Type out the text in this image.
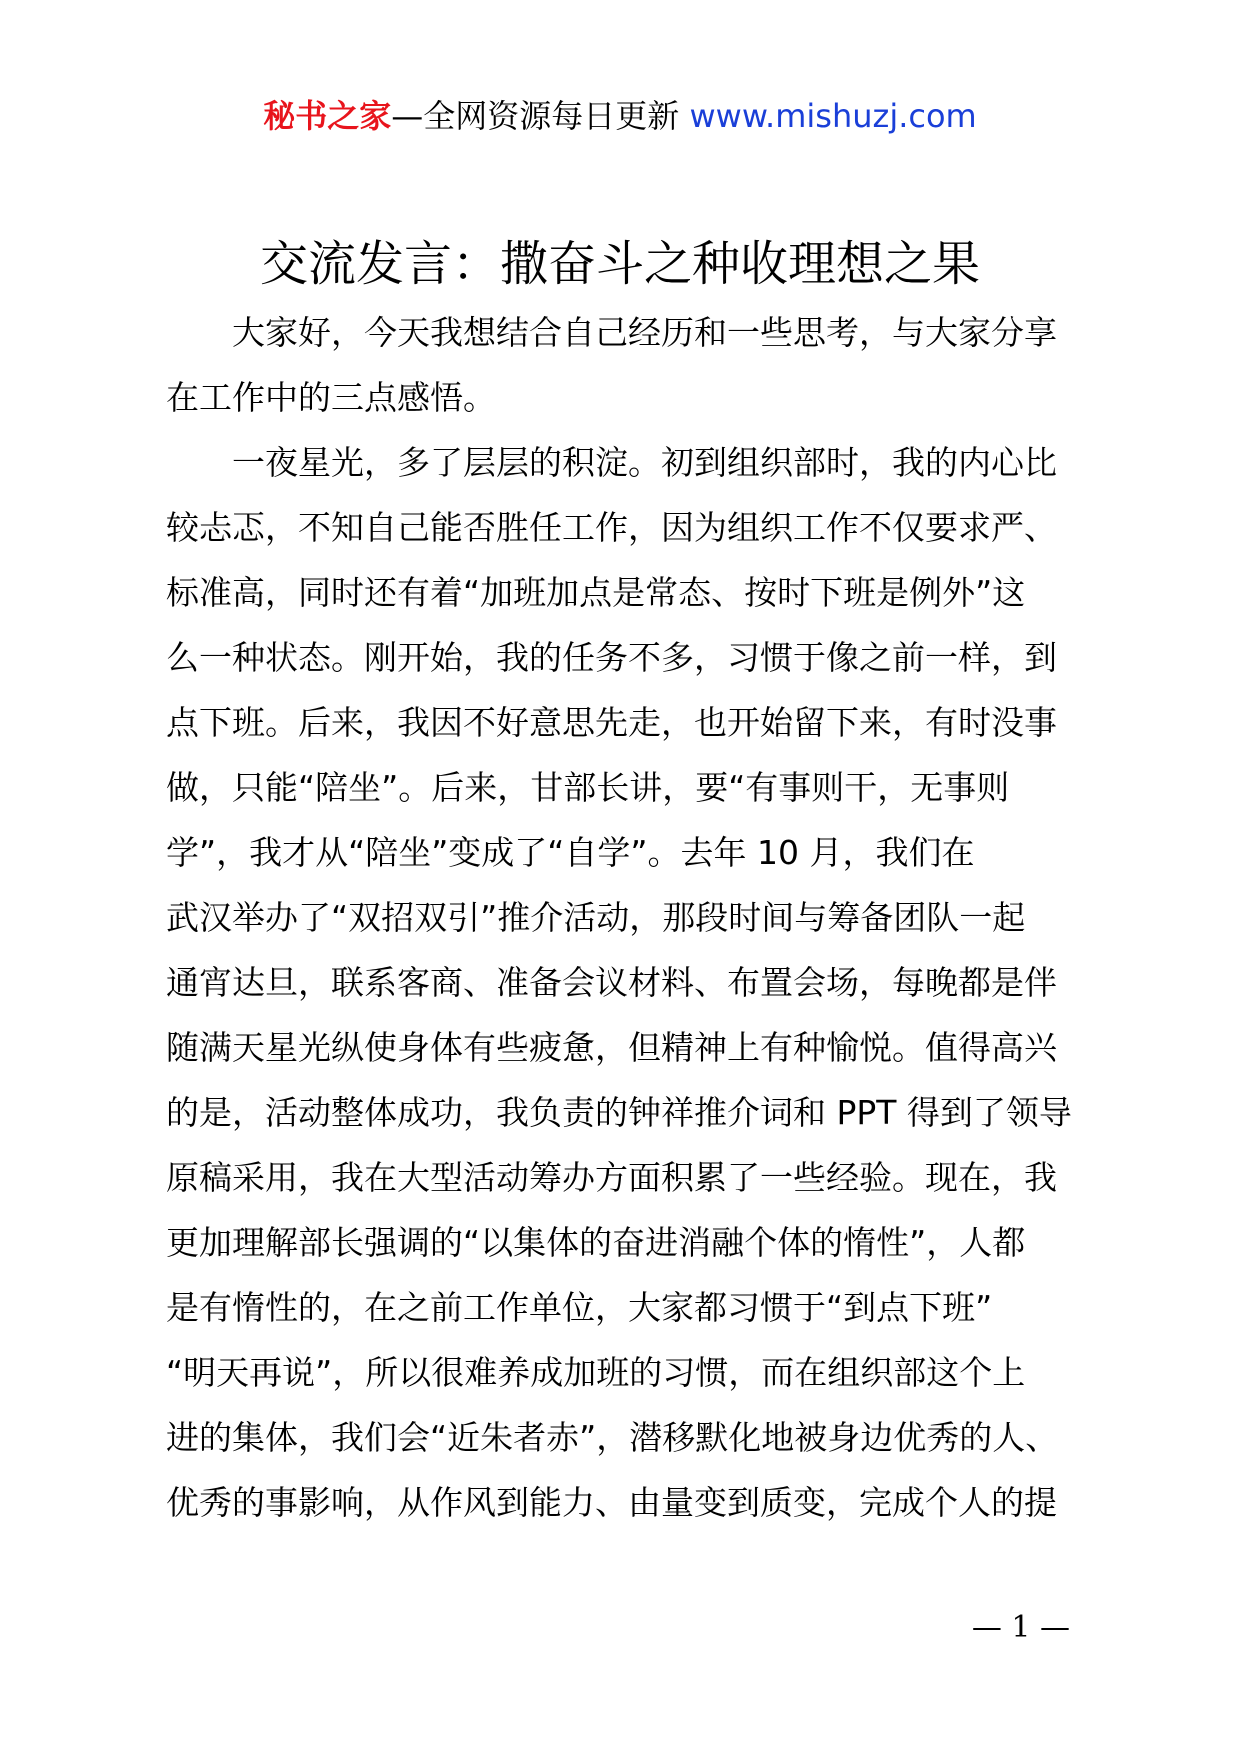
秘书之家—全网资源每日更新 www.mishuzj.com
交流发言：撒奋斗之种收理想之果
大家好，今天我想结合自己经历和一些思考，与大家分享
在工作中的三点感悟。
一夜星光，多了层层的积淀。初到组织部时，我的内心比
较忐忑，不知自己能否胜任工作，因为组织工作不仅要求严、
标准高，同时还有着“加班加点是常态、按时下班是例外”这
么一种状态。刚开始，我的任务不多，习惯于像之前一样，到
点下班。后来，我因不好意思先走，也开始留下来，有时没事
做，只能“陪坐”。后来，甘部长讲，要“有事则干，无事则
学”，我才从“陪坐”变成了“自学”。去年 10 月，我们在
武汉举办了“双招双引”推介活动，那段时间与筹备团队一起
通宵达旦，联系客商、准备会议材料、布置会场，每晚都是伴
随满天星光纵使身体有些疲惫，但精神上有种愉悦。值得高兴
的是，活动整体成功，我负责的钟祥推介词和 PPT 得到了领导
原稿采用，我在大型活动筹办方面积累了一些经验。现在，我
更加理解部长强调的“以集体的奋进消融个体的惰性”，人都
是有惰性的，在之前工作单位，大家都习惯于“到点下班”
“明天再说”，所以很难养成加班的习惯，而在组织部这个上
进的集体，我们会“近朱者赤”，潜移默化地被身边优秀的人、
优秀的事影响，从作风到能力、由量变到质变，完成个人的提
— 1 —
